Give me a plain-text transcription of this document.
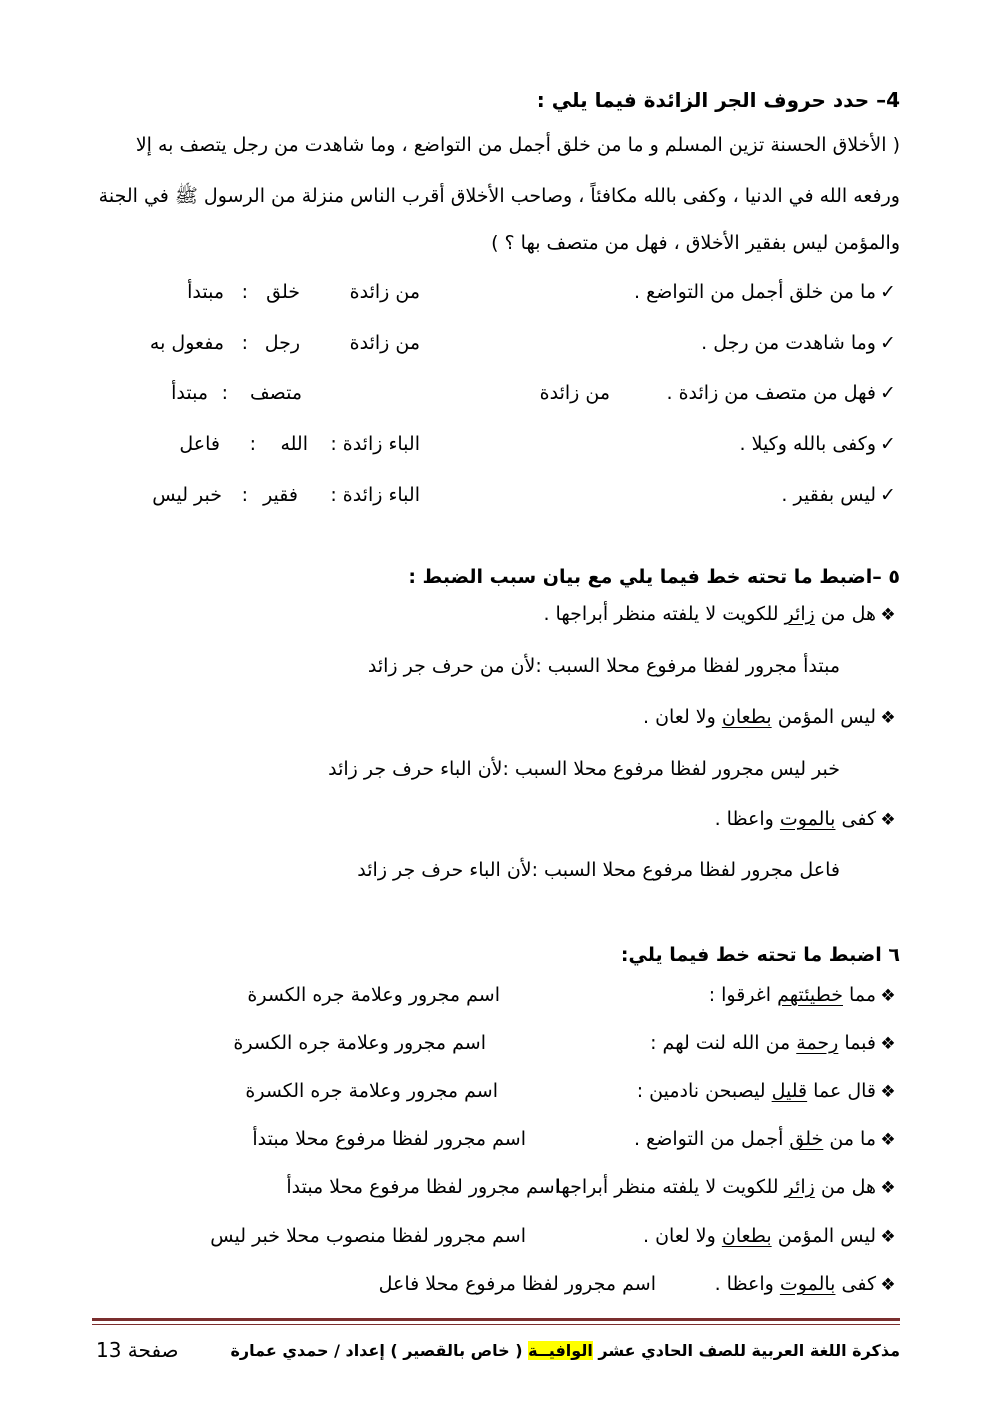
4– حدد حروف الجر الزائدة فيما يلي :
( الأخلاق الحسنة تزين المسلم و ما من خلق أجمل من التواضع ، وما شاهدت من رجل يتصف به إلا
ورفعه الله في الدنيا ، وكفى بالله مكافئاً ، وصاحب الأخلاق أقرب الناس منزلة من الرسول ﷺ في الجنة
والمؤمن ليس بفقير الأخلاق ، فهل من متصف بها ؟ )
✓ما من خلق أجمل من التواضع .
من زائدة
خلق
:
مبتدأ
✓وما شاهدت من رجل .
من زائدة
رجل
:
مفعول به
✓فهل من متصف من زائدة .
من زائدة
متصف
:
مبتدأ
✓وكفى بالله وكيلا .
الباء زائدة :
الله
:
فاعل
✓ليس بفقير .
الباء زائدة :
فقير
:
خبر ليس
٥ –اضبط ما تحته خط فيما يلي مع بيان سبب الضبط :
❖هل من زائر للكويت لا يلفته منظر أبراجها .
مبتدأ مجرور لفظا مرفوع محلا السبب :لأن من حرف جر زائد
❖ليس المؤمن بطعان ولا لعان .
خبر ليس مجرور لفظا مرفوع محلا السبب :لأن الباء حرف جر زائد
❖كفى بالموت واعظا .
فاعل مجرور لفظا مرفوع محلا السبب :لأن الباء حرف جر زائد
٦ اضبط ما تحته خط فيما يلي:
❖مما خطيئتهم اغرقوا :
اسم مجرور وعلامة جره الكسرة
❖فبما رحمة من الله لنت لهم :
اسم مجرور وعلامة جره الكسرة
❖قال عما قليل ليصبحن نادمين :
اسم مجرور وعلامة جره الكسرة
❖ما من خلق أجمل من التواضع .
اسم مجرور لفظا مرفوع محلا مبتدأ
❖هل من زائر للكويت لا يلفته منظر أبراجها .
اسم مجرور لفظا مرفوع محلا مبتدأ
❖ليس المؤمن بطعان ولا لعان .
اسم مجرور لفظا منصوب محلا خبر ليس
❖كفى بالموت واعظا .
اسم مجرور لفظا مرفوع محلا فاعل
مذكرة اللغة العربية للصف الحادي عشر الوافيــة ( خاص بالقصير ) إعداد / حمدي عمارة
صفحة 13
